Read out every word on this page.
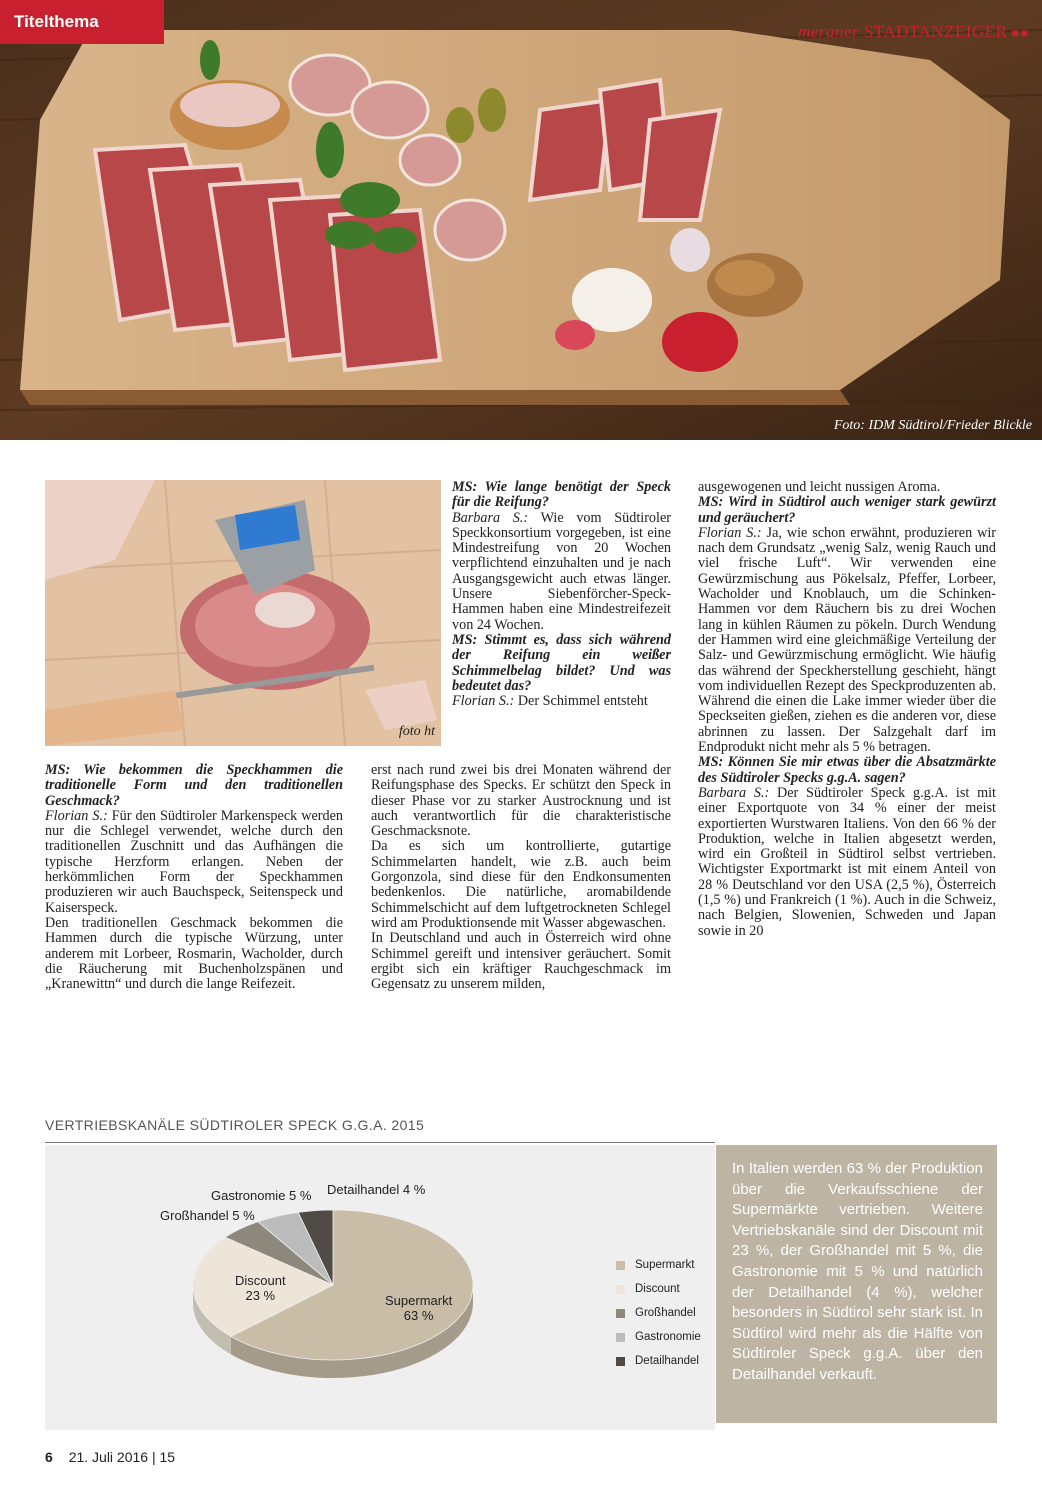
Titelthema
meraner STADTANZEIGER ■■
Foto: IDM Südtirol/Frieder Blickle
foto ht

MS: Wie lange benötigt der Speck für die Reifung?

Barbara S.: Wie vom Südtiroler Speckkonsortium vorgegeben, ist eine Mindestreifung von 20 Wochen verpflichtend einzuhalten und je nach Ausgangsgewicht auch etwas länger. Unsere Siebenförcher-Speck-Hammen haben eine Mindestreifezeit von 24 Wochen.

MS: Stimmt es, dass sich während der Reifung ein weißer Schimmelbelag bildet? Und was bedeutet das?

Florian S.: Der Schimmel entsteht

MS: Wie bekommen die Speckhammen die traditionelle Form und den traditionellen Geschmack?

Florian S.: Für den Südtiroler Markenspeck werden nur die Schlegel verwendet, welche durch den traditionellen Zuschnitt und das Aufhängen die typische Herzform erlangen. Neben der herkömmlichen Form der Speckhammen produzieren wir auch Bauchspeck, Seitenspeck und Kaiserspeck.

Den traditionellen Geschmack bekommen die Hammen durch die typische Würzung, unter anderem mit Lorbeer, Rosmarin, Wacholder, durch die Räucherung mit Buchenholzspänen und „Kranewittn“ und durch die lange Reifezeit.

erst nach rund zwei bis drei Monaten während der Reifungsphase des Specks. Er schützt den Speck in dieser Phase vor zu starker Austrocknung und ist auch verantwortlich für die charakteristische Geschmacksnote.

Da es sich um kontrollierte, gutartige Schimmelarten handelt, wie z.B. auch beim Gorgonzola, sind diese für den Endkonsumenten bedenkenlos. Die natürliche, aromabildende Schimmelschicht auf dem luftgetrockneten Schlegel wird am Produktionsende mit Wasser abgewaschen.

In Deutschland und auch in Österreich wird ohne Schimmel gereift und intensiver geräuchert. Somit ergibt sich ein kräftiger Rauchgeschmack im Gegensatz zu unserem milden,

ausgewogenen und leicht nussigen Aroma.

MS: Wird in Südtirol auch weniger stark gewürzt und geräuchert?

Florian S.: Ja, wie schon erwähnt, produzieren wir nach dem Grundsatz „wenig Salz, wenig Rauch und viel frische Luft“. Wir verwenden eine Gewürzmischung aus Pökelsalz, Pfeffer, Lorbeer, Wacholder und Knoblauch, um die Schinken-Hammen vor dem Räuchern bis zu drei Wochen lang in kühlen Räumen zu pökeln. Durch Wendung der Hammen wird eine gleichmäßige Verteilung der Salz- und Gewürzmischung ermöglicht. Wie häufig das während der Speckherstellung geschieht, hängt vom individuellen Rezept des Speckproduzenten ab. Während die einen die Lake immer wieder über die Speckseiten gießen, ziehen es die anderen vor, diese abrinnen zu lassen. Der Salzgehalt darf im Endprodukt nicht mehr als 5 % betragen.

MS: Können Sie mir etwas über die Absatzmärkte des Südtiroler Specks g.g.A. sagen?

Barbara S.: Der Südtiroler Speck g.g.A. ist mit einer Exportquote von 34 % einer der meist exportierten Wurstwaren Italiens. Von den 66 % der Produktion, welche in Italien abgesetzt werden, wird ein Großteil in Südtirol selbst vertrieben. Wichtigster Exportmarkt ist mit einem Anteil von 28 % Deutschland vor den USA (2,5 %), Österreich (1,5 %) und Frankreich (1 %). Auch in die Schweiz, nach Belgien, Slowenien, Schweden und Japan sowie in 20

VERTRIEBSKANÄLE SÜDTIROLER SPECK G.G.A. 2015
Supermarkt
Discount
Großhandel
Gastronomie
Detailhandel
Supermarkt
63 %
Discount
23 %
Großhandel 5 %
Gastronomie 5 % Detailhandel 4 %
In Italien werden 63 % der Produktion über die Verkaufsschiene der Supermärkte vertrieben. Weitere Vertriebskanäle sind der Discount mit 23 %, der Großhandel mit 5 %, die Gastronomie mit 5 % und natürlich der Detailhandel (4 %), welcher besonders in Südtirol sehr stark ist. In Südtirol wird mehr als die Hälfte von Südtiroler Speck g.g.A. über den Detailhandel verkauft.
6 21. Juli 2016 | 15
